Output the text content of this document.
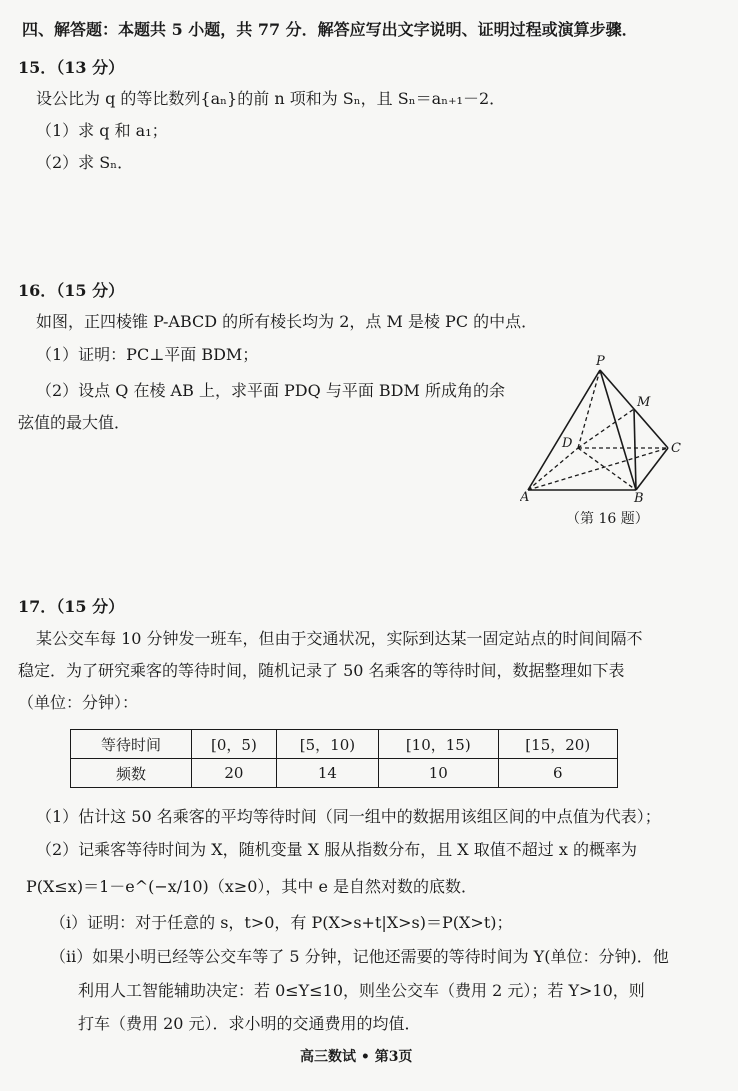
四、解答题：本题共 5 小题，共 77 分．解答应写出文字说明、证明过程或演算步骤．
15．（13 分）
设公比为 q 的等比数列{aₙ}的前 n 项和为 Sₙ，且 Sₙ＝aₙ₊₁－2．
（1）求 q 和 a₁；
（2）求 Sₙ．
16．（15 分）
如图，正四棱锥 P-ABCD 的所有棱长均为 2，点 M 是棱 PC 的中点．
（1）证明：PC⊥平面 BDM；
（2）设点 Q 在棱 AB 上，求平面 PDQ 与平面 BDM 所成角的余
弦值的最大值．
P
M
D	C
A	B
（第 16 题）
17．（15 分）
某公交车每 10 分钟发一班车，但由于交通状况，实际到达某一固定站点的时间间隔不
稳定．为了研究乘客的等待时间，随机记录了 50 名乘客的等待时间，数据整理如下表
（单位：分钟）：
等待时间	[0，5)	[5，10)	[10，15)	[15，20)
频数	20	14	10	6
（1）估计这 50 名乘客的平均等待时间（同一组中的数据用该组区间的中点值为代表）；
（2）记乘客等待时间为 X，随机变量 X 服从指数分布，且 X 取值不超过 x 的概率为
P(X≤x)＝1－e^(−x/10)（x≥0），其中 e 是自然对数的底数．
（i）证明：对于任意的 s，t>0，有 P(X>s+t|X>s)＝P(X>t)；
（ii）如果小明已经等公交车等了 5 分钟，记他还需要的等待时间为 Y(单位：分钟)．他
利用人工智能辅助决定：若 0≤Y≤10，则坐公交车（费用 2 元）；若 Y>10，则
打车（费用 20 元）．求小明的交通费用的均值．
高三数试 • 第3页
